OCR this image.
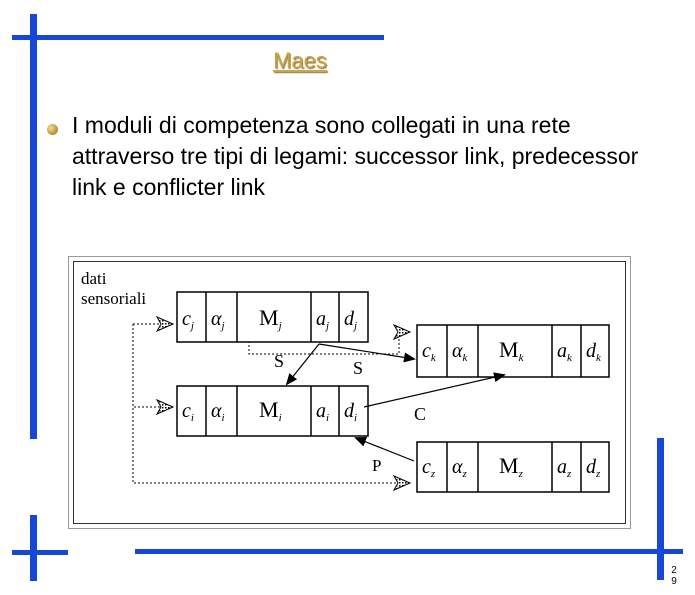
Maes
I moduli di competenza sono collegati in una rete attraverso tre tipi di legami: successor link, predecessor link e conflicter link
dati
sensoriali
$c_j$ $\alpha_j$ Mj $a_j$ $d_j$
$c_i$ $\alpha_i$ Mi $a_i$ $d_i$
$c_k$ $\alpha_k$ Mk $a_k$ $d_k$
$c_z$ $\alpha_z$ Mz $a_z$ $d_z$
S	S
C
P
2
9
